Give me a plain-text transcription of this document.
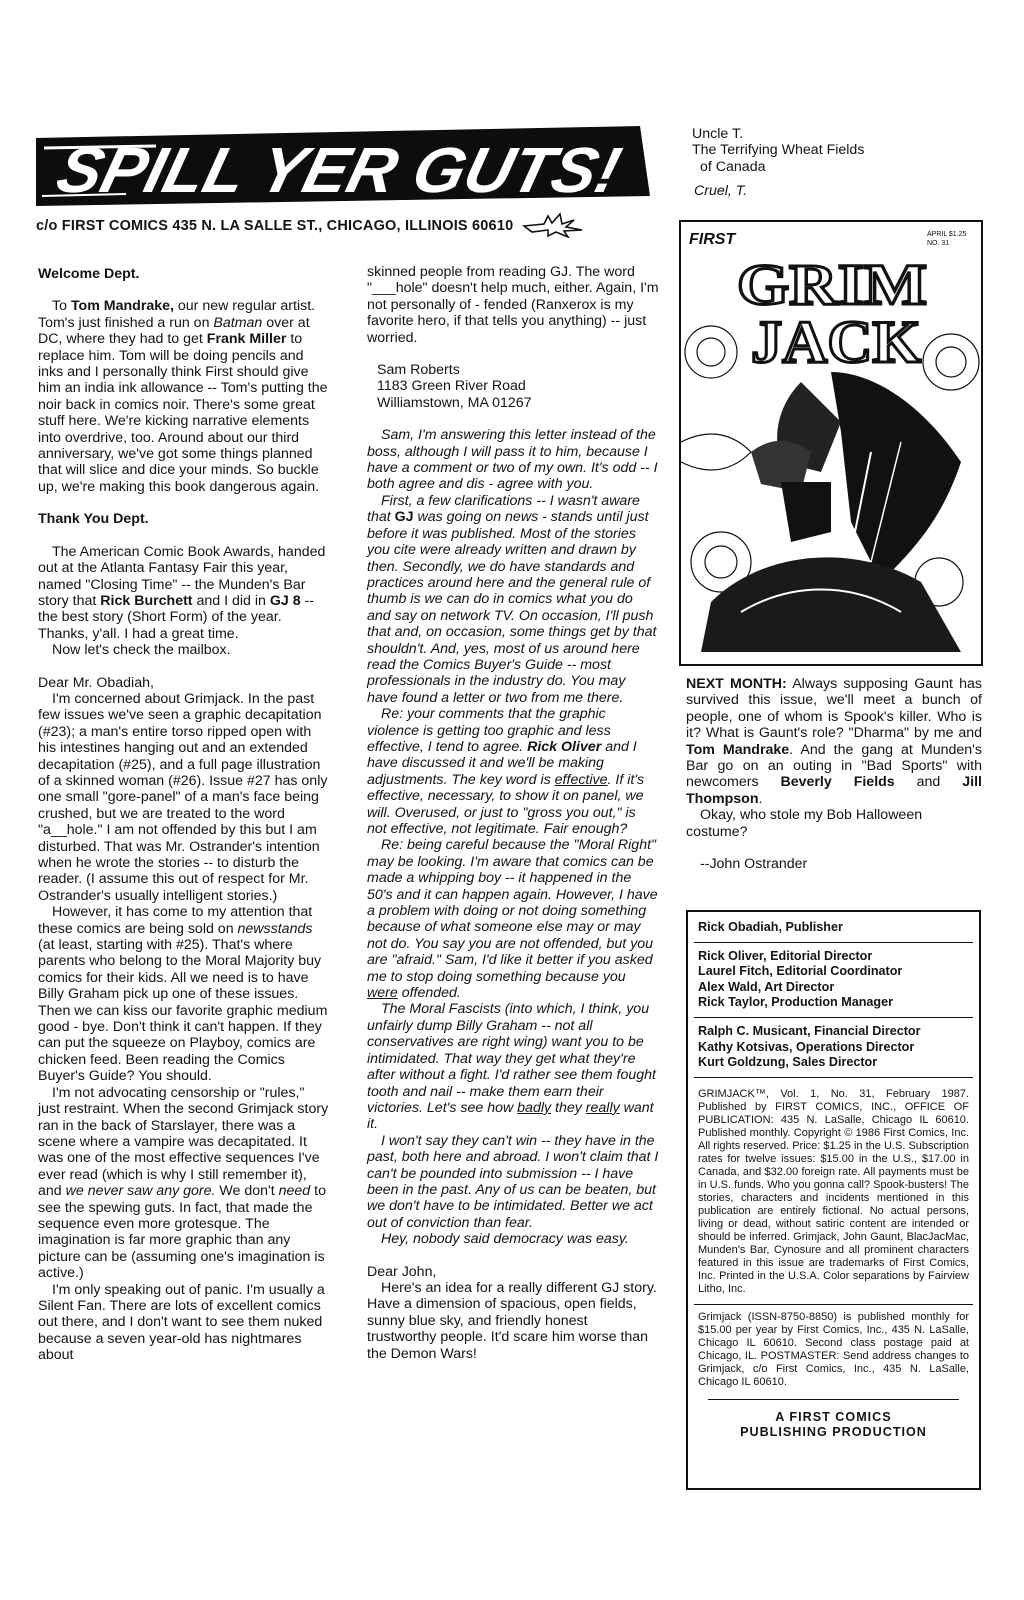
SPILL YER GUTS!
c/o FIRST COMICS 435 N. LA SALLE ST., CHICAGO, ILLINOIS 60610

Welcome Dept.

To Tom Mandrake, our new regular artist. Tom's just finished a run on Batman over at DC, where they had to get Frank Miller to replace him. Tom will be doing pencils and inks and I personally think First should give him an india ink allowance -- Tom's putting the noir back in comics noir. There's some great stuff here. We're kicking narrative elements into overdrive, too. Around about our third anniversary, we've got some things planned that will slice and dice your minds. So buckle up, we're making this book dangerous again.

Thank You Dept.

The American Comic Book Awards, handed out at the Atlanta Fantasy Fair this year, named "Closing Time" -- the Munden's Bar story that Rick Burchett and I did in GJ 8 -- the best story (Short Form) of the year. Thanks, y'all. I had a great time.

Now let's check the mailbox.

Dear Mr. Obadiah,

I'm concerned about Grimjack. In the past few issues we've seen a graphic decapitation (#23); a man's entire torso ripped open with his intestines hanging out and an extended decapitation (#25), and a full page illustration of a skinned woman (#26). Issue #27 has only one small "gore-panel" of a man's face being crushed, but we are treated to the word "a__hole." I am not offended by this but I am disturbed. That was Mr. Ostrander's intention when he wrote the stories -- to disturb the reader. (I assume this out of respect for Mr. Ostrander's usually intelligent stories.)

However, it has come to my attention that these comics are being sold on newsstands (at least, starting with #25). That's where parents who belong to the Moral Majority buy comics for their kids. All we need is to have Billy Graham pick up one of these issues. Then we can kiss our favorite graphic medium good - bye. Don't think it can't happen. If they can put the squeeze on Playboy, comics are chicken feed. Been reading the Comics Buyer's Guide? You should.

I'm not advocating censorship or "rules," just restraint. When the second Grimjack story ran in the back of Starslayer, there was a scene where a vampire was decapitated. It was one of the most effective sequences I've ever read (which is why I still remember it), and we never saw any gore. We don't need to see the spewing guts. In fact, that made the sequence even more grotesque. The imagination is far more graphic than any picture can be (assuming one's imagination is active.)

I'm only speaking out of panic. I'm usually a Silent Fan. There are lots of excellent comics out there, and I don't want to see them nuked because a seven year-old has nightmares about

skinned people from reading GJ. The word "___hole" doesn't help much, either. Again, I'm not personally of - fended (Ranxerox is my favorite hero, if that tells you anything) -- just worried.

Sam Roberts

1183 Green River Road

Williamstown, MA 01267

Sam, I'm answering this letter instead of the boss, although I will pass it to him, because I have a comment or two of my own. It's odd -- I both agree and dis - agree with you.

First, a few clarifications -- I wasn't aware that GJ was going on news - stands until just before it was published. Most of the stories you cite were already written and drawn by then. Secondly, we do have standards and practices around here and the general rule of thumb is we can do in comics what you do and say on network TV. On occasion, I'll push that and, on occasion, some things get by that shouldn't. And, yes, most of us around here read the Comics Buyer's Guide -- most professionals in the industry do. You may have found a letter or two from me there.

Re: your comments that the graphic violence is getting too graphic and less effective, I tend to agree. Rick Oliver and I have discussed it and we'll be making adjustments. The key word is effective. If it's effective, necessary, to show it on panel, we will. Overused, or just to "gross you out," is not effective, not legitimate. Fair enough?

Re: being careful because the "Moral Right" may be looking. I'm aware that comics can be made a whipping boy -- it happened in the 50's and it can happen again. However, I have a problem with doing or not doing something because of what someone else may or may not do. You say you are not offended, but you are "afraid." Sam, I'd like it better if you asked me to stop doing something because you were offended.

The Moral Fascists (into which, I think, you unfairly dump Billy Graham -- not all conservatives are right wing) want you to be intimidated. That way they get what they're after without a fight. I'd rather see them fought tooth and nail -- make them earn their victories. Let's see how badly they really want it.

I won't say they can't win -- they have in the past, both here and abroad. I won't claim that I can't be pounded into submission -- I have been in the past. Any of us can be beaten, but we don't have to be intimidated. Better we act out of conviction than fear.

Hey, nobody said democracy was easy.

Dear John,

Here's an idea for a really different GJ story. Have a dimension of spacious, open fields, sunny blue sky, and friendly honest trustworthy people. It'd scare him worse than the Demon Wars!

Uncle T.

The Terrifying Wheat Fields

of Canada

Cruel, T.

FIRST	APRIL $1.25
NO. 31
GRIM
JACK

NEXT MONTH: Always supposing Gaunt has survived this issue, we'll meet a bunch of people, one of whom is Spook's killer. Who is it? What is Gaunt's role? "Dharma" by me and Tom Mandrake. And the gang at Munden's Bar go on an outing in "Bad Sports" with newcomers Beverly Fields and Jill Thompson.

Okay, who stole my Bob Halloween costume?

--John Ostrander

Rick Obadiah, Publisher

Rick Oliver, Editorial Director

Laurel Fitch, Editorial Coordinator

Alex Wald, Art Director

Rick Taylor, Production Manager

Ralph C. Musicant, Financial Director

Kathy Kotsivas, Operations Director

Kurt Goldzung, Sales Director

GRIMJACK™, Vol. 1, No. 31, February 1987. Published by FIRST COMICS, INC., OFFICE OF PUBLICATION: 435 N. LaSalle, Chicago IL 60610. Published monthly. Copyright © 1986 First Comics, Inc. All rights reserved. Price: $1.25 in the U.S. Subscription rates for twelve issues: $15.00 in the U.S., $17.00 in Canada, and $32.00 foreign rate. All payments must be in U.S. funds. Who you gonna call? Spook-busters! The stories, characters and incidents mentioned in this publication are entirely fictional. No actual persons, living or dead, without satiric content are intended or should be inferred. Grimjack, John Gaunt, BlacJacMac, Munden's Bar, Cynosure and all prominent characters featured in this issue are trademarks of First Comics, Inc. Printed in the U.S.A. Color separations by Fairview Litho, Inc.

Grimjack (ISSN-8750-8850) is published monthly for $15.00 per year by First Comics, Inc., 435 N. LaSalle, Chicago IL 60610. Second class postage paid at Chicago, IL. POSTMASTER: Send address changes to Grimjack, c/o First Comics, Inc., 435 N. LaSalle, Chicago IL 60610.

A FIRST COMICS
PUBLISHING PRODUCTION
